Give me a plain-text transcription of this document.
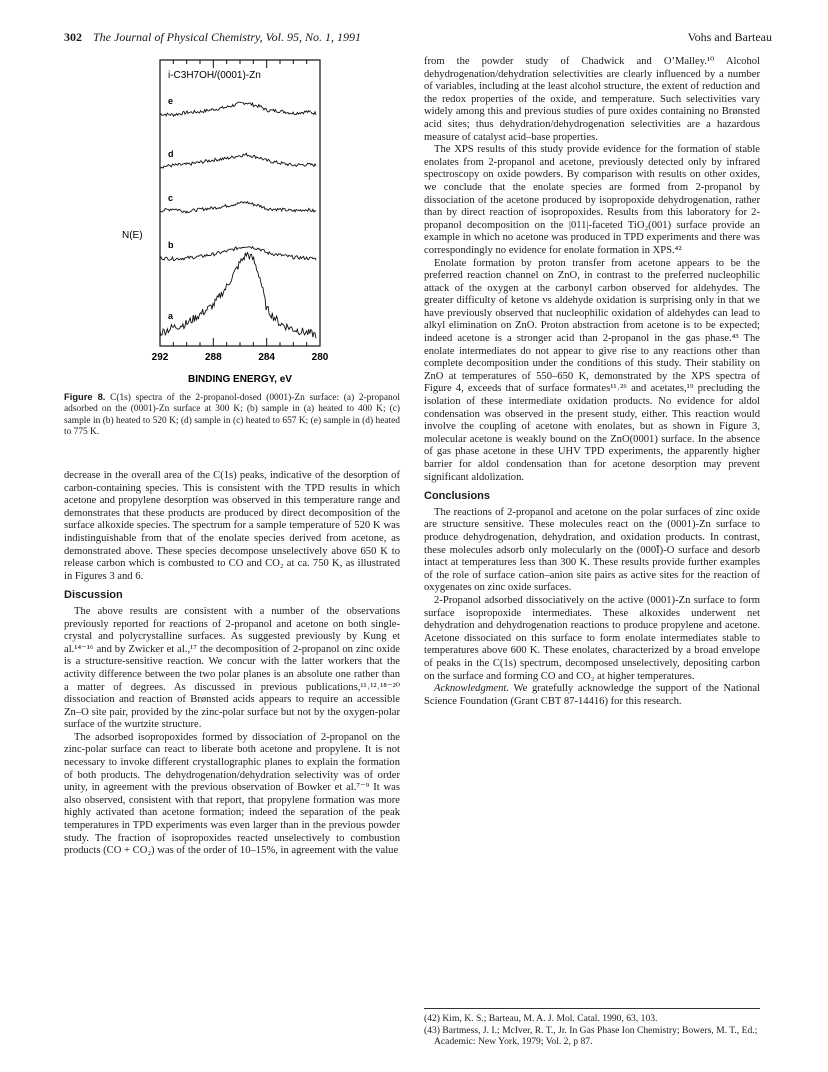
302 The Journal of Physical Chemistry, Vol. 95, No. 1, 1991	Vohs and Barteau
i-C3H7OH/(0001)-Zn
N(E)
BINDING ENERGY, eV
292	288	284	280
e
d
c
b
a
Figure 8. C(1s) spectra of the 2-propanol-dosed (0001)-Zn surface: (a) 2-propanol adsorbed on the (0001)-Zn surface at 300 K; (b) sample in (a) heated to 400 K; (c) sample in (b) heated to 520 K; (d) sample in (c) heated to 657 K; (e) sample in (d) heated to 775 K.

decrease in the overall area of the C(1s) peaks, indicative of the desorption of carbon-containing species. This is consistent with the TPD results in which acetone and propylene desorption was observed in this temperature range and demonstrates that these products are produced by direct decomposition of the surface alkoxide species. The spectrum for a sample temperature of 520 K was indistinguishable from that of the enolate species derived from acetone, as demonstrated above. These species decompose unselectively above 650 K to release carbon which is combusted to CO and CO₂ at ca. 750 K, as illustrated in Figures 3 and 6.

Discussion

The above results are consistent with a number of the observations previously reported for reactions of 2-propanol and acetone on both single-crystal and polycrystalline surfaces. As suggested previously by Kung et al.¹⁴⁻¹⁶ and by Zwicker et al.,¹⁷ the decomposition of 2-propanol on zinc oxide is a structure-sensitive reaction. We concur with the latter workers that the activity difference between the two polar planes is an absolute one rather than a matter of degrees. As discussed in previous publications,¹¹˒¹²˒¹⁸⁻²⁰ dissociation and reaction of Brønsted acids appears to require an accessible Zn–O site pair, provided by the zinc-polar surface but not by the oxygen-polar surface of the wurtzite structure.

The adsorbed isopropoxides formed by dissociation of 2-propanol on the zinc-polar surface can react to liberate both acetone and propylene. It is not necessary to invoke different crystallographic planes to explain the formation of both products. The dehydrogenation/dehydration selectivity was of order unity, in agreement with the previous observation of Bowker et al.⁷⁻⁹ It was also observed, consistent with that report, that propylene formation was more highly activated than acetone formation; indeed the separation of the peak temperatures in TPD experiments was even larger than in the previous powder study. The fraction of isopropoxides reacted unselectively to combustion products (CO + CO₂) was of the order of 10–15%, in agreement with the value

from the powder study of Chadwick and O’Malley.¹⁰ Alcohol dehydrogenation/dehydration selectivities are clearly influenced by a number of variables, including at the least alcohol structure, the extent of reduction and the redox properties of the oxide, and temperature. Such selectivities vary widely among this and previous studies of pure oxides containing no Brønsted acid sites; thus dehydration/dehydrogenation selectivities are a hazardous measure of catalyst acid–base properties.

The XPS results of this study provide evidence for the formation of stable enolates from 2-propanol and acetone, previously detected only by infrared spectroscopy on oxide powders. By comparison with results on other oxides, we conclude that the enolate species are formed from 2-propanol by dissociation of the acetone produced by isopropoxide dehydrogenation, rather than by direct reaction of isopropoxides. Results from this laboratory for 2-propanol decomposition on the |011|-faceted TiO₂(001) surface provide an example in which no acetone was produced in TPD experiments and there was correspondingly no evidence for enolate formation in XPS.⁴²

Enolate formation by proton transfer from acetone appears to be the preferred reaction channel on ZnO, in contrast to the preferred nucleophilic attack of the oxygen at the carbonyl carbon observed for aldehydes. The greater difficulty of ketone vs aldehyde oxidation is surprising only in that we have previously observed that nucleophilic oxidation of aldehydes can lead to alkyl elimination on ZnO. Proton abstraction from acetone is to be expected; indeed acetone is a stronger acid than 2-propanol in the gas phase.⁴³ The enolate intermediates do not appear to give rise to any reactions other than complete decomposition under the conditions of this study. Their stability on ZnO at temperatures of 550–650 K, demonstrated by the XPS spectra of Figure 4, exceeds that of surface formates¹¹˒²⁶ and acetates,¹⁹ precluding the isolation of these intermediate oxidation products. No evidence for aldol condensation was observed in the present study, either. This reaction would involve the coupling of acetone with enolates, but as shown in Figure 3, molecular acetone is weakly bound on the ZnO(0001) surface. In the absence of gas phase acetone in these UHV TPD experiments, the apparently higher barrier for aldol condensation than for acetone desorption may prevent significant aldolization.

Conclusions

The reactions of 2-propanol and acetone on the polar surfaces of zinc oxide are structure sensitive. These molecules react on the (0001)-Zn surface to produce dehydrogenation, dehydration, and oxidation products. In contrast, these molecules adsorb only molecularly on the (000Ī)-O surface and desorb intact at temperatures less than 300 K. These results provide further examples of the role of surface cation–anion site pairs as active sites for the reaction of oxygenates on zinc oxide surfaces.

2-Propanol adsorbed dissociatively on the active (0001)-Zn surface to form surface isopropoxide intermediates. These alkoxides underwent net dehydration and dehydrogenation reactions to produce propylene and acetone. Acetone dissociated on this surface to form enolate intermediates stable to temperatures above 600 K. These enolates, characterized by a broad envelope of peaks in the C(1s) spectrum, decomposed unselectively, depositing carbon on the surface and forming CO and CO₂ at higher temperatures.

Acknowledgment. We gratefully acknowledge the support of the National Science Foundation (Grant CBT 87-14416) for this research.

(42) Kim, K. S.; Barteau, M. A. J. Mol. Catal. 1990, 63, 103.

(43) Bartmess, J. I.; McIver, R. T., Jr. In Gas Phase Ion Chemistry; Bowers, M. T., Ed.; Academic: New York, 1979; Vol. 2, p 87.
